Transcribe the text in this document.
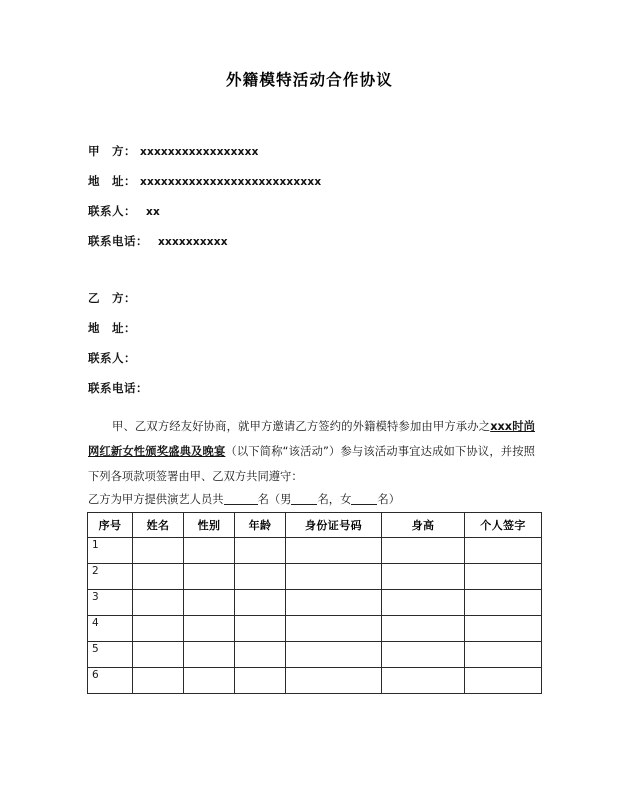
外籍模特活动合作协议
甲　方： xxxxxxxxxxxxxxxxx
地　址： xxxxxxxxxxxxxxxxxxxxxxxxxx
联系人： xx
联系电话： xxxxxxxxxx
乙　方：
地　址：
联系人：
联系电话：
甲、乙双方经友好协商，就甲方邀请乙方签约的外籍模特参加由甲方承办之xxx时尚网红新女性颁奖盛典及晚宴（以下简称“该活动”）参与该活动事宜达成如下协议，并按照下列各项款项签署由甲、乙双方共同遵守：
乙方为甲方提供演艺人员共	名（男 名，女 名）
序号	姓名	性别	年龄	身份证号码	身高	个人签字
1						
2						
3						
4						
5						
6						
